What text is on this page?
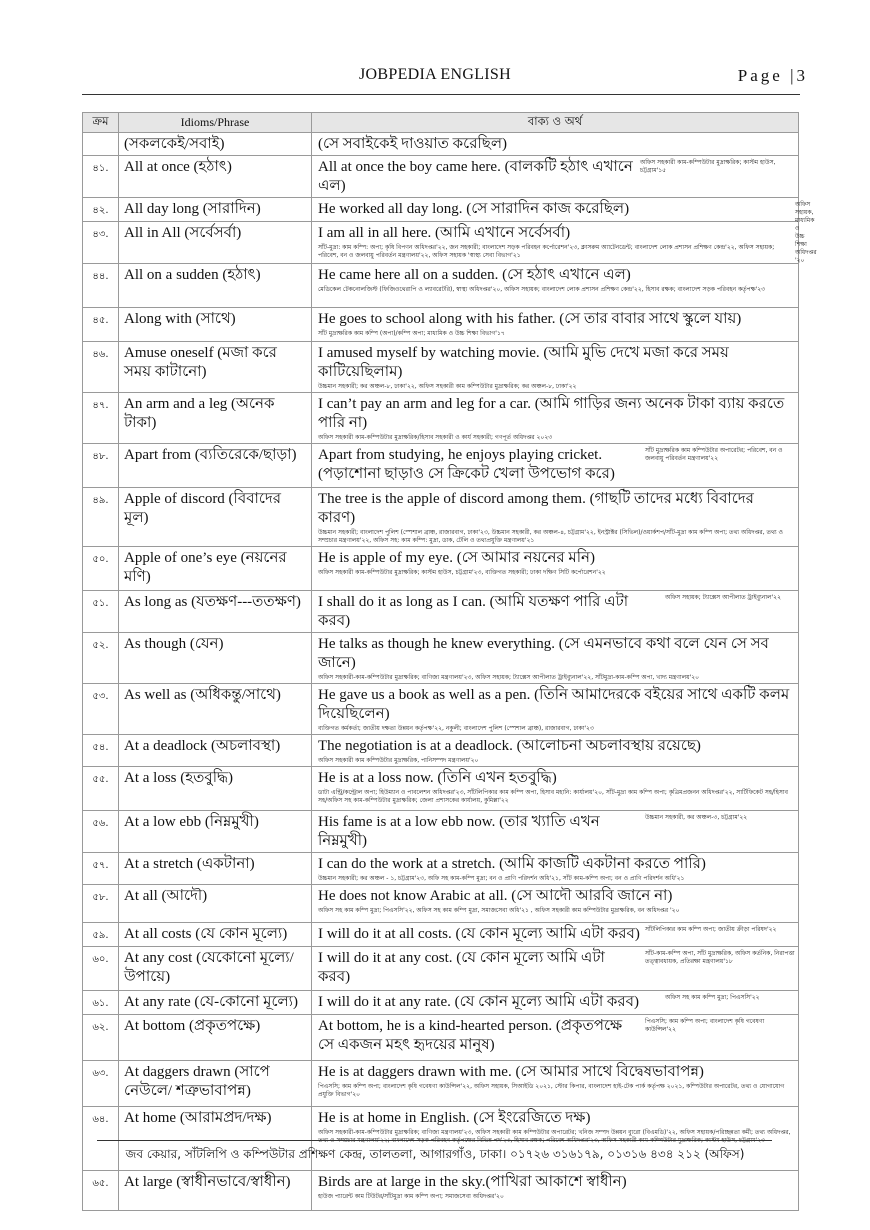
JOBPEDIA ENGLISH	Page |3
ক্রম	Idioms/Phrase	বাক্য ও অর্থ
	(সকলকেই/সবাই)	(সে সবাইকেই দাওয়াত করেছিল)

৪১.	All at once (হঠাৎ)	All at once the boy came here. (বালকটি হঠাৎ এখানে এল)
অফিস সহকারী কাম-কম্পিউটার মুদ্রাক্ষরিক; কাস্টম হাউস, চট্টগ্রাম'১৫

৪২.	All day long (সারাদিন)	He worked all day long. (সে সারাদিন কাজ করেছিল) অফিস সহায়ক, মাধ্যমিক ও উচ্চ শিক্ষা অধিদপ্তর '২০

৪৩.	All in All (সর্বেসর্বা)	I am all in all here. (আমি এখানে সর্বেসর্বা)
সাঁট-মুদ্রা: কাম কম্পি: অপা; কৃষি বিপণন অধিদপ্তর'২২, জন সহকারী; বাংলাদেশ সড়ক পরিবহন কর্পোরেশন'২৩, ক্লাসরুম অ্যাটেনডেন্ট; বাংলাদেশ লোক প্রশাসন প্রশিক্ষণ কেন্দ্র'২২, অফিস সহায়ক; পরিবেশ, বন ও জলবায়ু পরিবর্তন মন্ত্রণালয়'২২, অফিস সহায়ক 'স্বাস্থ্য সেবা বিভাগ'২১

৪৪.	All on a sudden (হঠাৎ)	He came here all on a sudden. (সে হঠাৎ এখানে এল)
মেডিকেল টেকনোলজিস্ট (ফিজিওথেরাপি ও ল্যাবরেটরি), স্বাস্থ্য অধিদপ্তর'২০, অফিস সহায়ক; বাংলাদেশ লোক প্রশাসন প্রশিক্ষণ কেন্দ্র'২২, হিসাব রক্ষক; বাংলাদেশ সড়ক পরিবহন কর্তৃপক্ষ'২৩

৪৫.	Along with (সাথে)	He goes to school along with his father. (সে তার বাবার সাথে স্কুলে যায়)
সাঁট মুদ্রাক্ষরিক কাম কম্পি (অপা)/কম্পি অপা; মাধ্যমিক ও উচ্চ শিক্ষা বিভাগ'১৭

৪৬.	Amuse oneself (মজা করে সময় কাটানো)	I amused myself by watching movie. (আমি মুভি দেখে মজা করে সময় কাটিয়েছিলাম)
উচ্চমান সহকারী; কর অঞ্চল-৮, ঢাকা'২২, অফিস সহকারী কাম কম্পিউটার মুদ্রাক্ষরিক; কর অঞ্চল-৮, ঢাকা'২২

৪৭.	An arm and a leg (অনেক টাকা)	I can’t pay an arm and leg for a car. (আমি গাড়ির জন্য অনেক টাকা ব্যায় করতে পারি না)
অফিস সহকারী কাম-কম্পিউটার মুদ্রাক্ষরিক/হিসাব সহকারী ও কার্য সহকারী; গণপূর্ত অধিদপ্তর ২০২৩

৪৮.	Apart from (ব্যতিরেকে/ছাড়া)	Apart from studying, he enjoys playing cricket. (পড়াশোনা ছাড়াও সে ক্রিকেট খেলা উপভোগ করে)
সাঁট মুদ্রাক্ষরিক কাম কম্পিউটার অপারেটর; পরিবেশ, বন ও জলবায়ু পরিবর্তন মন্ত্রণালয়'২২

৪৯.	Apple of discord (বিবাদের মূল)	The tree is the apple of discord among them. (গাছটি তাদের মধ্যে বিবাদের কারণ)
উচ্চমান সহকারী; বাংলাদেশ পুলিশ (স্পেশাল ব্রাঞ্চ, রাজারবাগ, ঢাকা'২৩, উচ্চমান সহকারী, কর অঞ্চল-৪, চট্টগ্রাম'২২, ইনস্ট্রাক্টর (সিভিল)/ওয়ার্কশপ/সাঁট-মুদ্রা কাম কম্পি অপা; তথ্য অধিদপ্তর, তথ্য ও সম্প্রচার মন্ত্রণালয়'২২, অফিস সহ: কাম কম্পি: মুদ্রা, ডাক, টেলি ও তথ্যপ্রযুক্তি মন্ত্রণালয়'২১

৫০.	Apple of one’s eye (নয়নের মণি)	He is apple of my eye. (সে আমার নয়নের মনি)
অফিস সহকারী কাম-কম্পিউটার মুদ্রাক্ষরিক; কাস্টম হাউস, চট্টগ্রাম'২৩, ব্যক্তিগত সহকারী; ঢাকা দক্ষিণ সিটি কর্পোরেশন'২২

৫১.	As long as (যতক্ষণ---ততক্ষণ)	I shall do it as long as I can. (আমি যতক্ষণ পারি এটা করব)
অফিস সহায়ক; ট্যাক্সেস আপীলাত ট্রাইব্যুনাল'২২

৫২.	As though (যেন)	He talks as though he knew everything. (সে এমনভাবে কথা বলে যেন সে সব জানে)
অফিস সহকারী-কাম-কম্পিউটার মুদ্রাক্ষরিক; বাণিজ্য মন্ত্রণালয়'২৩, অফিস সহায়ক; ট্যাক্সেস আপীলাত ট্রাইব্যুনাল'২২, সাঁটমুদ্রা-কাম-কম্পি অপা, খাদ্য মন্ত্রণালয়'২০

৫৩.	As well as (অধিকন্তু/সাথে)	He gave us a book as well as a pen. (তিনি আমাদেরকে বইয়ের সাথে একটি কলম দিয়েছিলেন)
ব্যক্তিগত কর্মকর্তা; জাতীয় দক্ষতা উন্নয়ন কর্তৃপক্ষ'২২, নকুলী; বাংলাদেশ পুলিশ (স্পেশাল ব্রাঞ্চ), রাজারবাগ, ঢাকা'২৩

৫৪.	At a deadlock (অচলাবস্থা)	The negotiation is at a deadlock. (আলোচনা অচলাবস্থায় রয়েছে)
অফিস সহকারী কাম কম্পিউটার মুদ্রাক্ষরিক, পানিসম্পদ মন্ত্রণালয়'২০

৫৫.	At a loss (হতবুদ্ধি)	He is at a loss now. (তিনি এখন হতবুদ্ধি)
ডাটা এন্ট্রি/কন্ট্রোল অপা; হিউম্যান ও পাবলেশন অধিদপ্তর'২৩, সাঁটলিপিকার কাম কম্পি অপা, হিসাব মহানি: কার্যালয়'২০, সাঁট-মুদ্রা কাম কম্পি অপা; কৃত্রিমপ্রজনন অধিদপ্তর'২২, সার্টিফিকেট সহ/হিসাব সহ/অফিস সহ কাম-কম্পিউটার মুদ্রাক্ষরিক; জেলা প্রশাসকের কার্যালয়, কুমিল্লা'২২

৫৬.	At a low ebb (নিম্নমুখী)	His fame is at a low ebb now. (তার খ্যাতি এখন নিম্নমুখী)
উচ্চমান সহকারী, কর অঞ্চল-৩, চট্টগ্রাম'২২

৫৭.	At a stretch (একটানা)	I can do the work at a stretch. (আমি কাজটি একটানা করতে পারি)
উচ্চমান সহকারী; কর অঞ্চল - ১, চট্টগ্রাম'২৩, অফি সহ কাম-কম্পি মুদ্রা; বন ও প্রাণি পরিদর্শন অধি'২১, সাঁট কাম-কম্পি অপা; বন ও প্রাণি পরিদর্শন অধি'২১

৫৮.	At all (আদৌ)	He does not know Arabic at all. (সে আদৌ আরবি জানে না)
অফিস সহ কাম কম্পি মুদ্রা; পিএসসি'২২, অফিস সহ কাম কম্পি মুদ্রা, সমাজসেবা অধি'২১ , অফিস সহকারী কাম কম্পিউটার মুদ্রাক্ষরিক, বন অধিদপ্তর '২০

৫৯.	At all costs (যে কোন মূল্যে)	I will do it at all costs. (যে কোন মূল্যে আমি এটা করব) সাঁটলিপিকার কাম কম্পি অপা; জাতীয় ক্রীড়া পরিষদ'২২

৬০.	At any cost (যেকোনো মূল্যে/উপায়ে)	I will do it at any cost. (যে কোন মূল্যে আমি এটা করব)
সাঁট-কাম-কম্পি অপা, সাঁট মুদ্রাক্ষরিক, অফিস কর্তনিক, নিরাপত্তা তত্ত্বাবধায়ক, প্রতিরক্ষা মন্ত্রণালয়'১৮

৬১.	At any rate (যে-কোনো মূল্যে)	I will do it at any rate. (যে কোন মূল্যে আমি এটা করব) অফিস সহ কাম কম্পি মুদ্রা; পিএসসি'২২

৬২.	At bottom (প্রকৃতপক্ষে)	At bottom, he is a kind-hearted person. (প্রকৃতপক্ষে সে একজন মহৎ হৃদয়ের মানুষ)
পিএসসি; কাম কম্পি অপা; বাংলাদেশ কৃষি গবেষণা কাউন্সিল'২২

৬৩.	At daggers drawn (সাপে নেউলে/ শত্রুভাবাপন্ন)	He is at daggers drawn with me. (সে আমার সাথে বিদ্বেষভাবাপন্ন)
পিএসসি; কাম কম্পি অপা; বাংলাদেশ কৃষি গবেষণা কাউন্সিল'২২, অফিস সহায়ক, সিআইডি ২০২১, স্টোর কিপার, বাংলাদেশ হাই-টেক পার্ক কর্তৃপক্ষ ২০২১, কম্পিউটার অপারেটর, তথ্য ও যোগাযোগ প্রযুক্তি বিভাগ'২০

৬৪.	At home (আরামপ্রদ/দক্ষ)	He is at home in English. (সে ইংরেজিতে দক্ষ)
অফিস সহকারী-কাম-কম্পিউটার মুদ্রাক্ষরিক; বাণিজ্য মন্ত্রণালয়'২৩, অফিস সহকারী কাম কম্পিউটার অপারেটর; খনিজ সম্পদ উন্নয়ন ব্যুরো (বিএমডি)'২২, অফিস সহায়ক/পরিচ্ছন্নতা কর্মী; তথ্য অধিদপ্তর, তথ্য ও সম্প্রচার মন্ত্রণালয়'২২; বাংলাদেশ সড়ক পরিবহন কর্তৃপক্ষের বিভিন্ন পদ'২৩, হিসাব রক্ষক; পরিবেশ অধিদপ্তর'২৩, অফিস সহকারী কাম-কম্পিউটার মুদ্রাক্ষরিক; কাস্টম হাউস, চট্টগ্রাম'২৩

৬৫.	At large (স্বাধীনভাবে/স্বাধীন)	Birds are at large in the sky.(পাখিরা আকাশে স্বাধীন)
হাউজ প্যারেন্ট কাম টিউটর/সাঁটমুদ্রা কাম কম্পি অপা; সমাজসেবা অধিদপ্তর'২০
জব কেয়ার, সাঁটলিপি ও কম্পিউটার প্রশিক্ষণ কেন্দ্র, তালতলা, আগারগাঁও, ঢাকা। ০১৭২৬ ৩১৬১৭৯, ০১৩১৬ ৪৩৪ ২১২ (অফিস)
